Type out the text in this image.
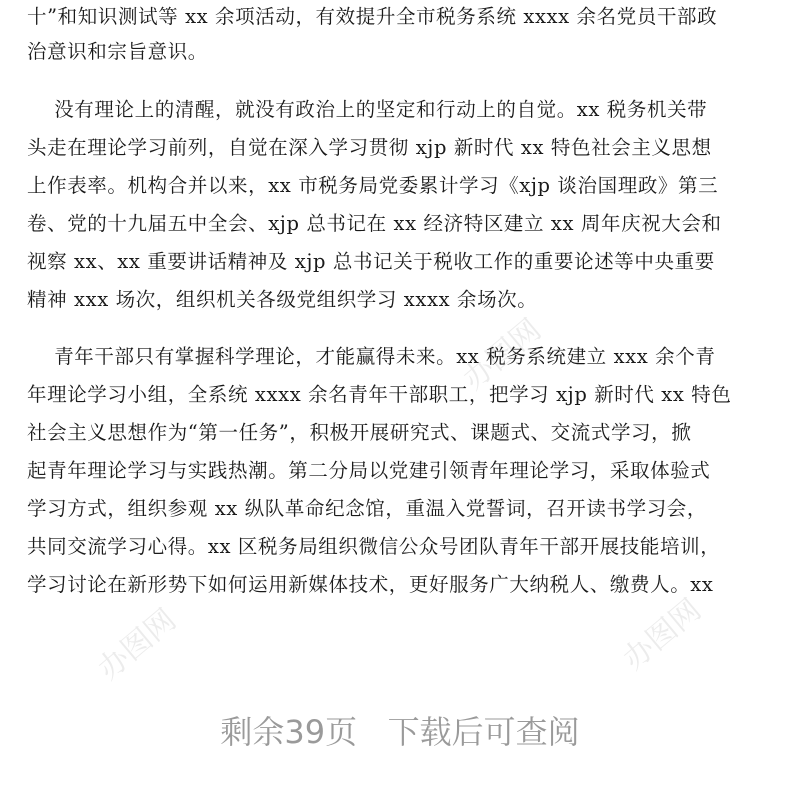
办图网
办图网	办图网
十”和知识测试等 xx 余项活动，有效提升全市税务系统 xxxx 余名党员干部政
治意识和宗旨意识。
没有理论上的清醒，就没有政治上的坚定和行动上的自觉。xx 税务机关带
头走在理论学习前列，自觉在深入学习贯彻 xjp 新时代 xx 特色社会主义思想
上作表率。机构合并以来，xx 市税务局党委累计学习《xjp 谈治国理政》第三
卷、党的十九届五中全会、xjp 总书记在 xx 经济特区建立 xx 周年庆祝大会和
视察 xx、xx 重要讲话精神及 xjp 总书记关于税收工作的重要论述等中央重要
精神 xxx 场次，组织机关各级党组织学习 xxxx 余场次。
青年干部只有掌握科学理论，才能赢得未来。xx 税务系统建立 xxx 余个青
年理论学习小组，全系统 xxxx 余名青年干部职工，把学习 xjp 新时代 xx 特色
社会主义思想作为“第一任务”，积极开展研究式、课题式、交流式学习，掀
起青年理论学习与实践热潮。第二分局以党建引领青年理论学习，采取体验式
学习方式，组织参观 xx 纵队革命纪念馆，重温入党誓词，召开读书学习会，
共同交流学习心得。xx 区税务局组织微信公众号团队青年干部开展技能培训，
学习讨论在新形势下如何运用新媒体技术，更好服务广大纳税人、缴费人。xx
剩余39页   下载后可查阅
